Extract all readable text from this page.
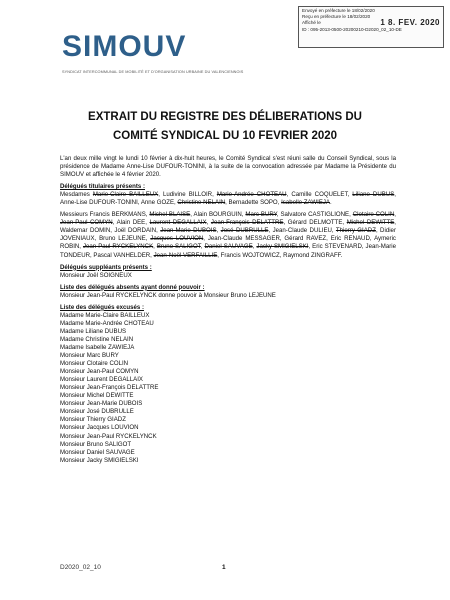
Envoyé en préfecture le 18/02/2020
Reçu en préfecture le 18/02/2020
Affiché le	1 8. FEV. 2020
ID : 095-2013-0500-20200210-D2020_02_10-DE
SIMOUV
SYNDICAT INTERCOMMUNAL DE MOBILITÉ ET D'ORGANISATION URBAINE DU VALENCIENNOIS
EXTRAIT DU REGISTRE DES DÉLIBERATIONS DU
COMITÉ SYNDICAL DU 10 FEVRIER 2020

L'an deux mille vingt le lundi 10 février à dix-huit heures, le Comité Syndical s'est réuni salle du Conseil Syndical, sous la présidence de Madame Anne-Lise DUFOUR-TONINI, à la suite de la convocation adressée par Madame la Présidente du SIMOUV et affichée le 4 février 2020.

Délégués titulaires présents :

Mesdames Marie-Claire BAILLEUX, Ludivine BILLOIR, Marie-Andrée CHOTEAU, Camille COQUELET, Liliane DUBUS, Anne-Lise DUFOUR-TONINI, Anne GOZE, Christine NELAIN, Bernadette SOPO, Isabelle ZAWIEJA.

Messieurs Francis BERKMANS, Michel BLAISE, Alain BOURGUIN, Marc BURY, Salvatore CASTIGLIONE, Clotaire COLIN, Jean-Paul COMYN, Alain DEE, Laurent DEGALLAIX, Jean-François DELATTRE, Gérard DELMOTTE, Michel DEWITTE, Waldemar DOMIN, Joël DORDAIN, Jean-Marie DUBOIS, José DUBRULLE, Jean-Claude DULIEU, Thierry GIADZ, Didier JOVENIAUX, Bruno LEJEUNE, Jacques LOUVION, Jean-Claude MESSAGER, Gérard RAVEZ, Eric RENAUD, Aymeric ROBIN, Jean-Paul RYCKELYNCK, Bruno SALIGOT, Daniel SAUVAGE, Jacky SMIGIELSKI, Eric STEVENARD, Jean-Marie TONDEUR, Pascal VANHELDER, Jean-Noël VERFAILLIE, Francis WOJTOWICZ, Raymond ZINGRAFF.

Délégués suppléants présents :

Monsieur Joël SOIGNEUX

Liste des délégués absents ayant donné pouvoir :

Monsieur Jean-Paul RYCKELYNCK donne pouvoir à Monsieur Bruno LEJEUNE

Liste des délégués excusés :

Madame Marie-Claire BAILLEUX
Madame Marie-Andrée CHOTEAU
Madame Liliane DUBUS
Madame Christine NELAIN
Madame Isabelle ZAWIEJA
Monsieur Marc BURY
Monsieur Clotaire COLIN
Monsieur Jean-Paul COMYN
Monsieur Laurent DEGALLAIX
Monsieur Jean-François DELATTRE
Monsieur Michel DEWITTE
Monsieur Jean-Marie DUBOIS
Monsieur José DUBRULLE
Monsieur Thierry GIADZ
Monsieur Jacques LOUVION
Monsieur Jean-Paul RYCKELYNCK
Monsieur Bruno SALIGOT
Monsieur Daniel SAUVAGE
Monsieur Jacky SMIGIELSKI
D2020_02_10	1
